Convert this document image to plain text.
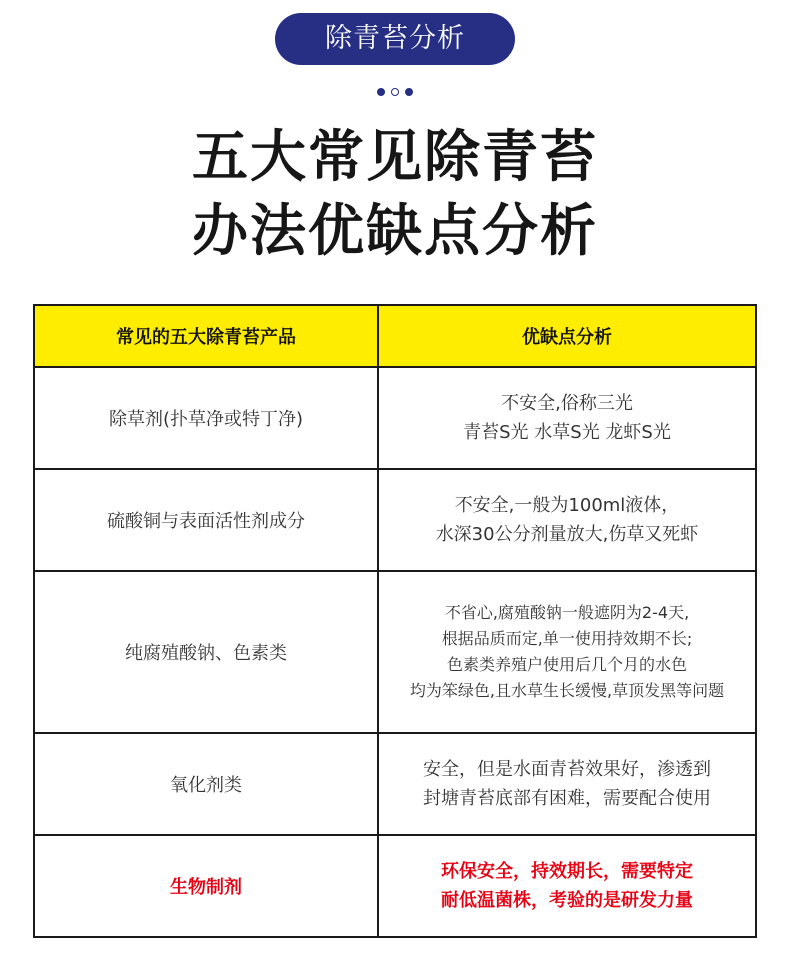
除青苔分析

五大常见除青苔
办法优缺点分析
常见的五大除青苔产品	优缺点分析
除草剂(扑草净或特丁净)	不安全,俗称三光
青苔S光 水草S光 龙虾S光

硫酸铜与表面活性剂成分	不安全,一般为100ml液体，
水深30公分剂量放大,伤草又死虾

纯腐殖酸钠、色素类	不省心,腐殖酸钠一般遮阴为2-4天,
根据品质而定,单一使用持效期不长;
色素类养殖户使用后几个月的水色
均为笨绿色,且水草生长缓慢,草顶发黑等问题

氧化剂类	安全，但是水面青苔效果好，渗透到
封塘青苔底部有困难，需要配合使用

生物制剂	环保安全，持效期长，需要特定
耐低温菌株，考验的是研发力量
